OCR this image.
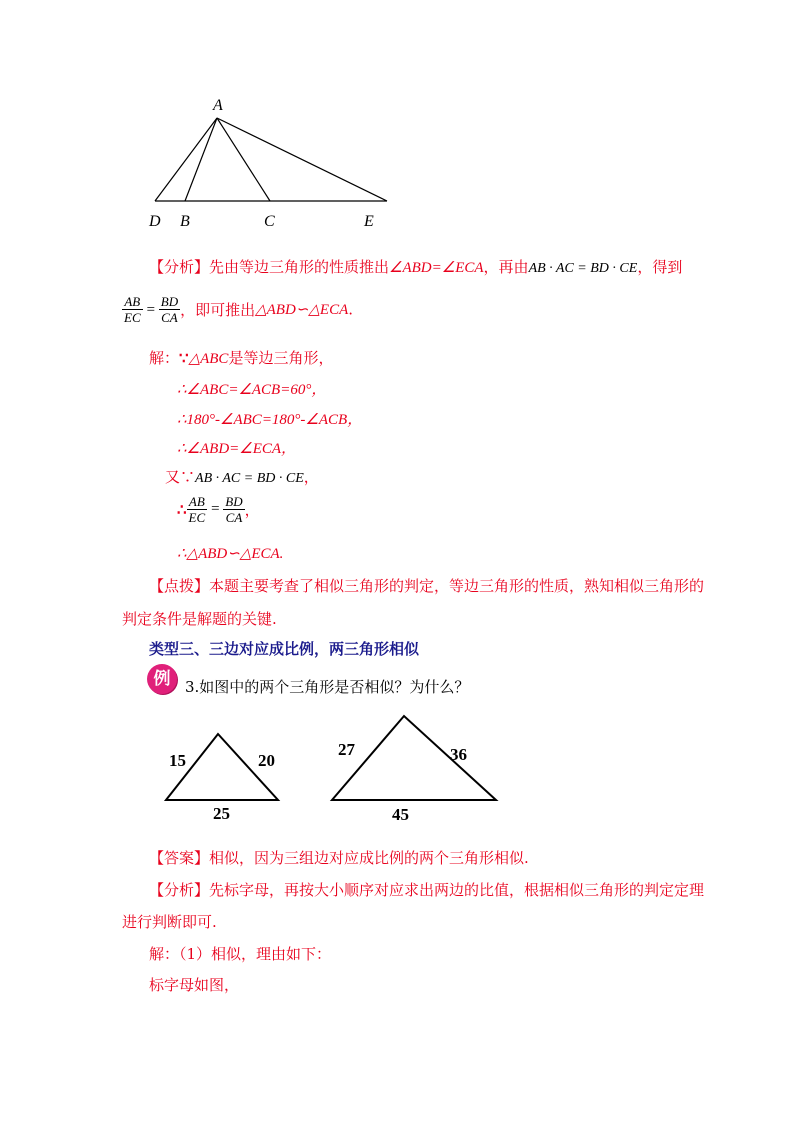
A
D B	C	E
【分析】先由等边三角形的性质推出∠ABD=∠ECA，再由AB · AC = BD · CE，得到
$\frac{AB}{EC} = \frac{BD}{CA}$ ，即可推出△ABD∽△ECA.
解：∵△ABC是等边三角形，
∴∠ABC=∠ACB=60°，
∴180°-∠ABC=180°-∠ACB，
∴∠ABD=∠ECA，
又∵AB · AC = BD · CE，
∴ $\frac{AB}{EC} = \frac{BD}{CA}$ ，
∴△ABD∽△ECA.
【点拨】本题主要考查了相似三角形的判定，等边三角形的性质，熟知相似三角形的
判定条件是解题的关键.
类型三、三边对应成比例，两三角形相似
例 3.如图中的两个三角形是否相似？为什么？
15	20
25
27	36
45
【答案】相似，因为三组边对应成比例的两个三角形相似.
【分析】先标字母，再按大小顺序对应求出两边的比值，根据相似三角形的判定定理
进行判断即可.
解：（1）相似，理由如下：
标字母如图，
